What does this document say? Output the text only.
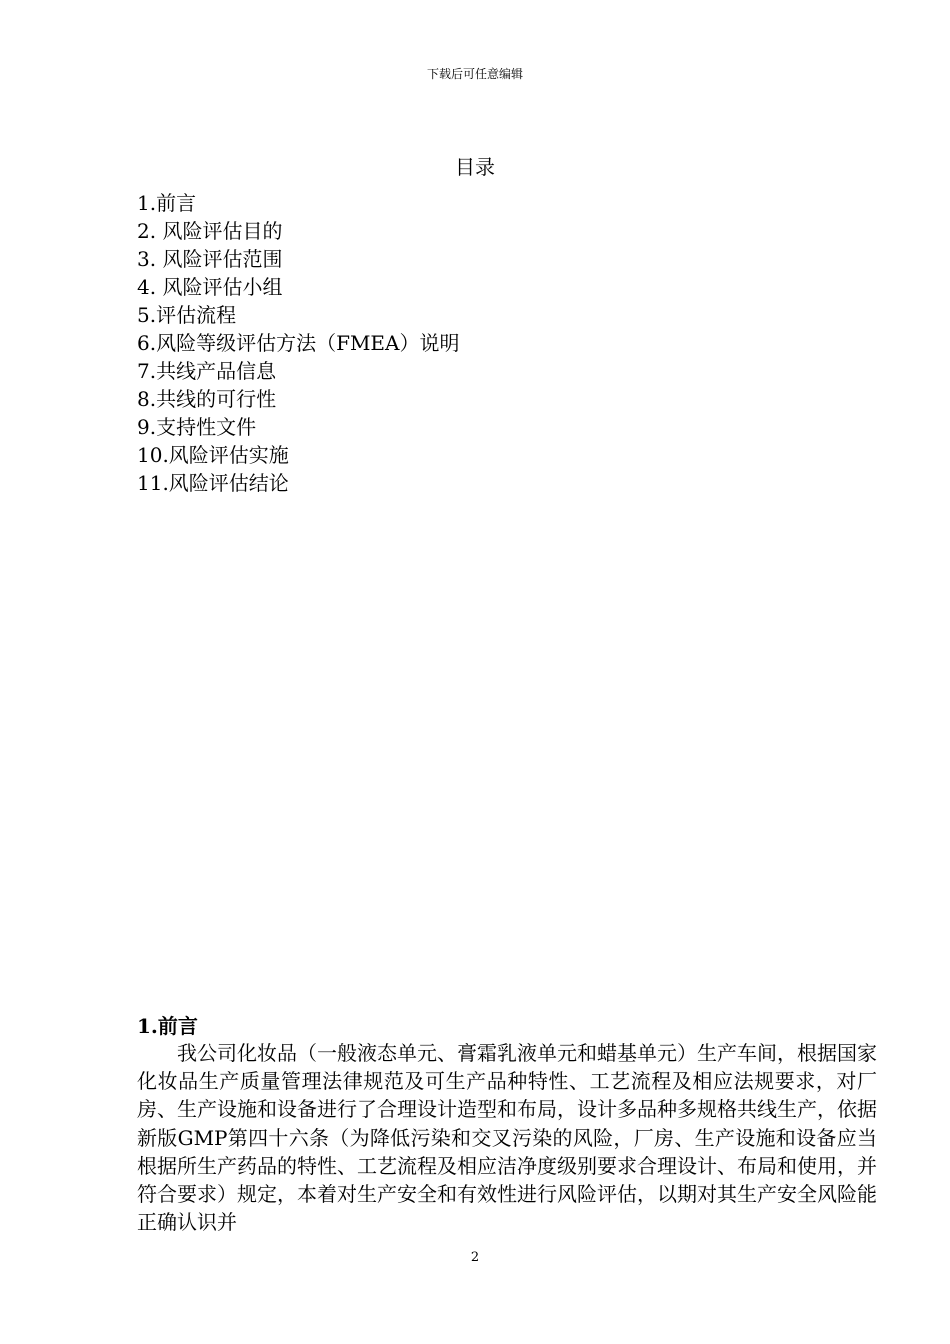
下载后可任意编辑
目录
1.前言
2. 风险评估目的
3. 风险评估范围
4. 风险评估小组
5.评估流程
6.风险等级评估方法（FMEA）说明
7.共线产品信息
8.共线的可行性
9.支持性文件
10.风险评估实施
11.风险评估结论
1.前言

我公司化妆品（一般液态单元、膏霜乳液单元和蜡基单元）生产车间，根据国家化妆品生产质量管理法律规范及可生产品种特性、工艺流程及相应法规要求，对厂房、生产设施和设备进行了合理设计造型和布局，设计多品种多规格共线生产，依据新版GMP第四十六条（为降低污染和交叉污染的风险，厂房、生产设施和设备应当根据所生产药品的特性、工艺流程及相应洁净度级别要求合理设计、布局和使用，并符合要求）规定，本着对生产安全和有效性进行风险评估，以期对其生产安全风险能正确认识并

2
